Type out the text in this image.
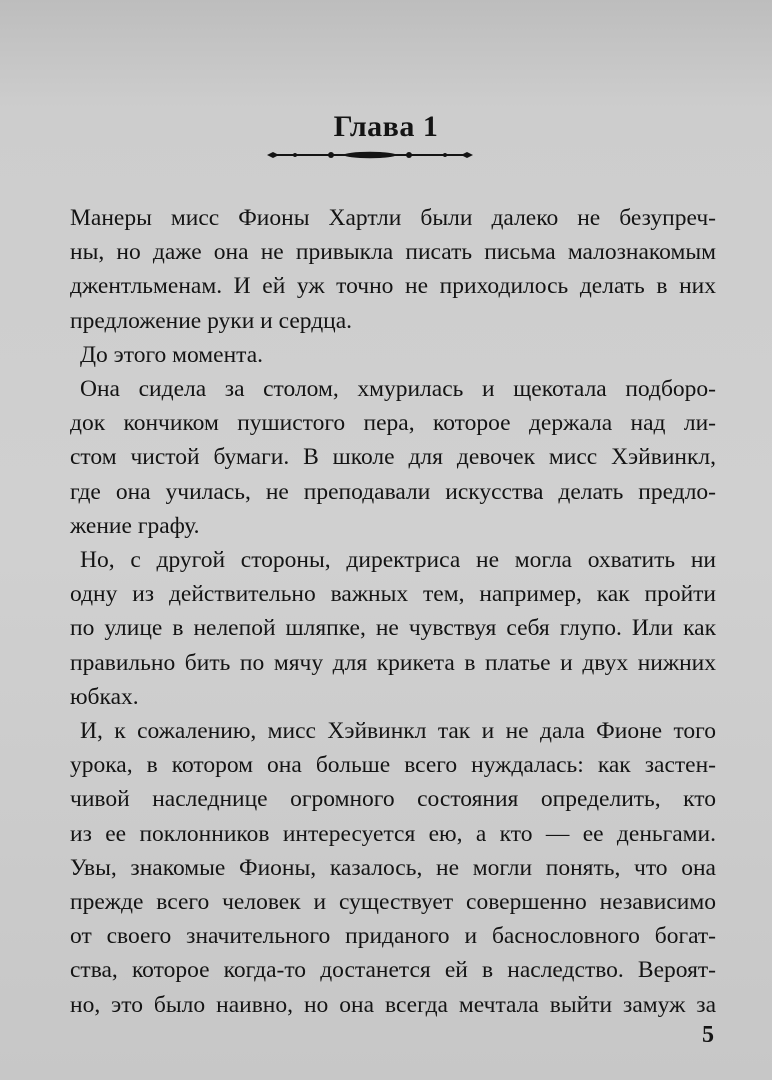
Глава 1

Манеры мисс Фионы Хартли были далеко не безупреч-
ны, но даже она не привыкла писать письма малознакомым
джентльменам. И ей уж точно не приходилось делать в них
предложение руки и сердца.

До этого момента.

Она сидела за столом, хмурилась и щекотала подборо-
док кончиком пушистого пера, которое держала над ли-
стом чистой бумаги. В школе для девочек мисс Хэйвинкл,
где она училась, не преподавали искусства делать предло-
жение графу.

Но, с другой стороны, директриса не могла охватить ни
одну из действительно важных тем, например, как пройти
по улице в нелепой шляпке, не чувствуя себя глупо. Или как
правильно бить по мячу для крикета в платье и двух нижних
юбках.

И, к сожалению, мисс Хэйвинкл так и не дала Фионе того
урока, в котором она больше всего нуждалась: как застен-
чивой наследнице огромного состояния определить, кто
из ее поклонников интересуется ею, а кто — ее деньгами.
Увы, знакомые Фионы, казалось, не могли понять, что она
прежде всего человек и существует совершенно независимо
от своего значительного приданого и баснословного богат-
ства, которое когда-то достанется ей в наследство. Вероят-
но, это было наивно, но она всегда мечтала выйти замуж за

5
